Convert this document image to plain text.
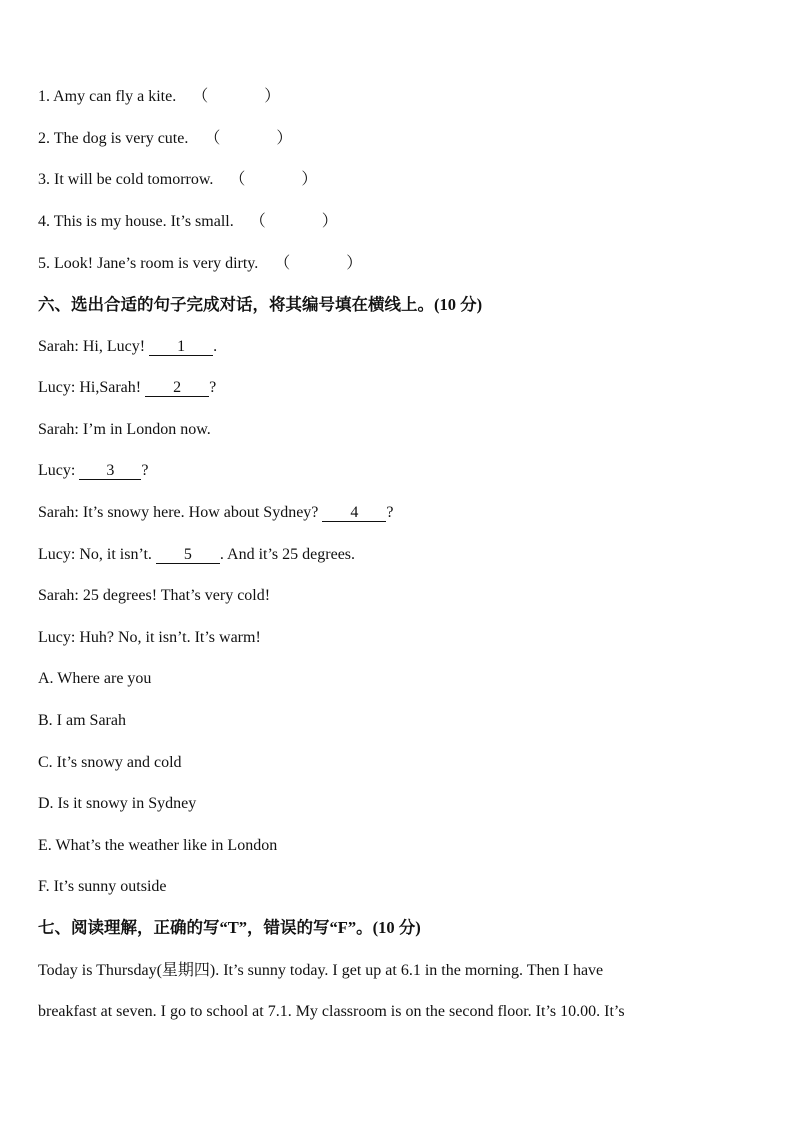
1. Amy can fly a kite. （	）
2. The dog is very cute. （	）
3. It will be cold tomorrow. （	）
4. This is my house. It’s small. （	）
5. Look! Jane’s room is very dirty. （	）
六、选出合适的句子完成对话，将其编号填在横线上。(10 分)
Sarah: Hi, Lucy! 1 .
Lucy: Hi,Sarah! 2 ?
Sarah: I’m in London now.
Lucy: 3 ?
Sarah: It’s snowy here. How about Sydney? 4 ?
Lucy: No, it isn’t. 5 . And it’s 25 degrees.
Sarah: 25 degrees! That’s very cold!
Lucy: Huh? No, it isn’t. It’s warm!
A. Where are you
B. I am Sarah
C. It’s snowy and cold
D. Is it snowy in Sydney
E. What’s the weather like in London
F. It’s sunny outside
七、阅读理解，正确的写“T”，错误的写“F”。(10 分)
Today is Thursday(星期四). It’s sunny today. I get up at 6.1 in the morning. Then I have
breakfast at seven. I go to school at 7.1. My classroom is on the second floor. It’s 10.00. It’s
